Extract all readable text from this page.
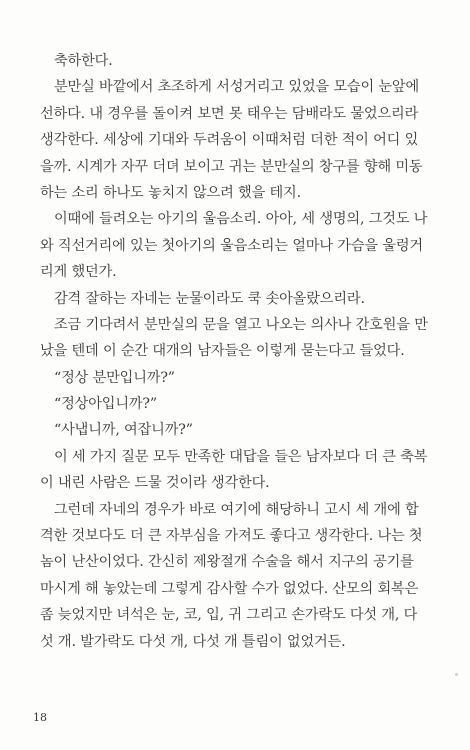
축하한다.
분만실 바깥에서 초조하게 서성거리고 있었을 모습이 눈앞에
선하다. 내 경우를 돌이켜 보면 못 태우는 담배라도 물었으리라
생각한다. 세상에 기대와 두려움이 이때처럼 더한 적이 어디 있
을까. 시계가 자꾸 더뎌 보이고 귀는 분만실의 창구를 향해 미동
하는 소리 하나도 놓치지 않으려 했을 테지.
이때에 들려오는 아기의 울음소리. 아아, 세 생명의, 그것도 나
와 직선거리에 있는 첫아기의 울음소리는 얼마나 가슴을 울렁거
리게 했던가.
감격 잘하는 자네는 눈물이라도 쿡 솟아올랐으리라.
조금 기다려서 분만실의 문을 열고 나오는 의사나 간호원을 만
났을 텐데 이 순간 대개의 남자들은 이렇게 묻는다고 들었다.
“정상 분만입니까?”
“정상아입니까?”
“사냅니까, 여잡니까?”
이 세 가지 질문 모두 만족한 대답을 들은 남자보다 더 큰 축복
이 내린 사람은 드물 것이라 생각한다.
그런데 자네의 경우가 바로 여기에 해당하니 고시 세 개에 합
격한 것보다도 더 큰 자부심을 가져도 좋다고 생각한다. 나는 첫
놈이 난산이었다. 간신히 제왕절개 수술을 해서 지구의 공기를
마시게 해 놓았는데 그렇게 감사할 수가 없었다. 산모의 회복은
좀 늦었지만 녀석은 눈, 코, 입, 귀 그리고 손가락도 다섯 개, 다
섯 개. 발가락도 다섯 개, 다섯 개 틀림이 없었거든.
18
